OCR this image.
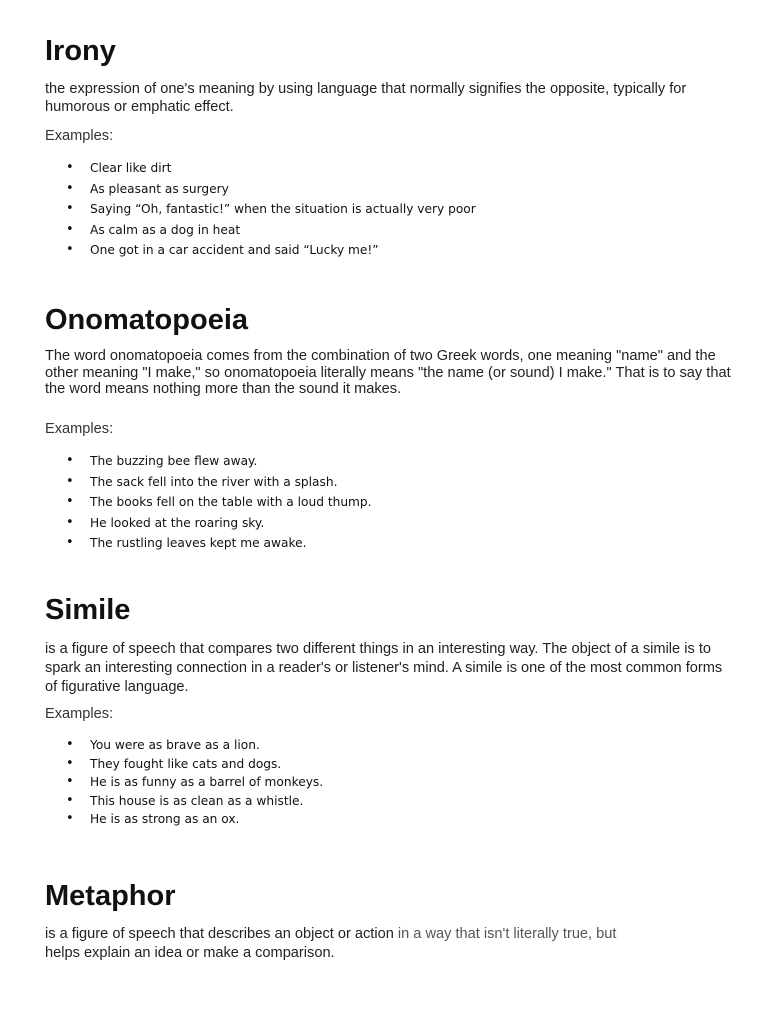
Irony

the expression of one's meaning by using language that normally signifies the opposite, typically for humorous or emphatic effect.

Examples:

• Clear like dirt
• As pleasant as surgery
• Saying “Oh, fantastic!” when the situation is actually very poor
• As calm as a dog in heat
• One got in a car accident and said “Lucky me!”
Onomatopoeia

The word onomatopoeia comes from the combination of two Greek words, one meaning "name" and the other meaning "I make," so onomatopoeia literally means "the name (or sound) I make." That is to say that the word means nothing more than the sound it makes.

Examples:

• The buzzing bee flew away.
• The sack fell into the river with a splash.
• The books fell on the table with a loud thump.
• He looked at the roaring sky.
• The rustling leaves kept me awake.
Simile

is a figure of speech that compares two different things in an interesting way. The object of a simile is to spark an interesting connection in a reader's or listener's mind. A simile is one of the most common forms of figurative language.

Examples:

• You were as brave as a lion.
• They fought like cats and dogs.
• He is as funny as a barrel of monkeys.
• This house is as clean as a whistle.
• He is as strong as an ox.
Metaphor

is a figure of speech that describes an object or action in a way that isn't literally true, but
helps explain an idea or make a comparison.
